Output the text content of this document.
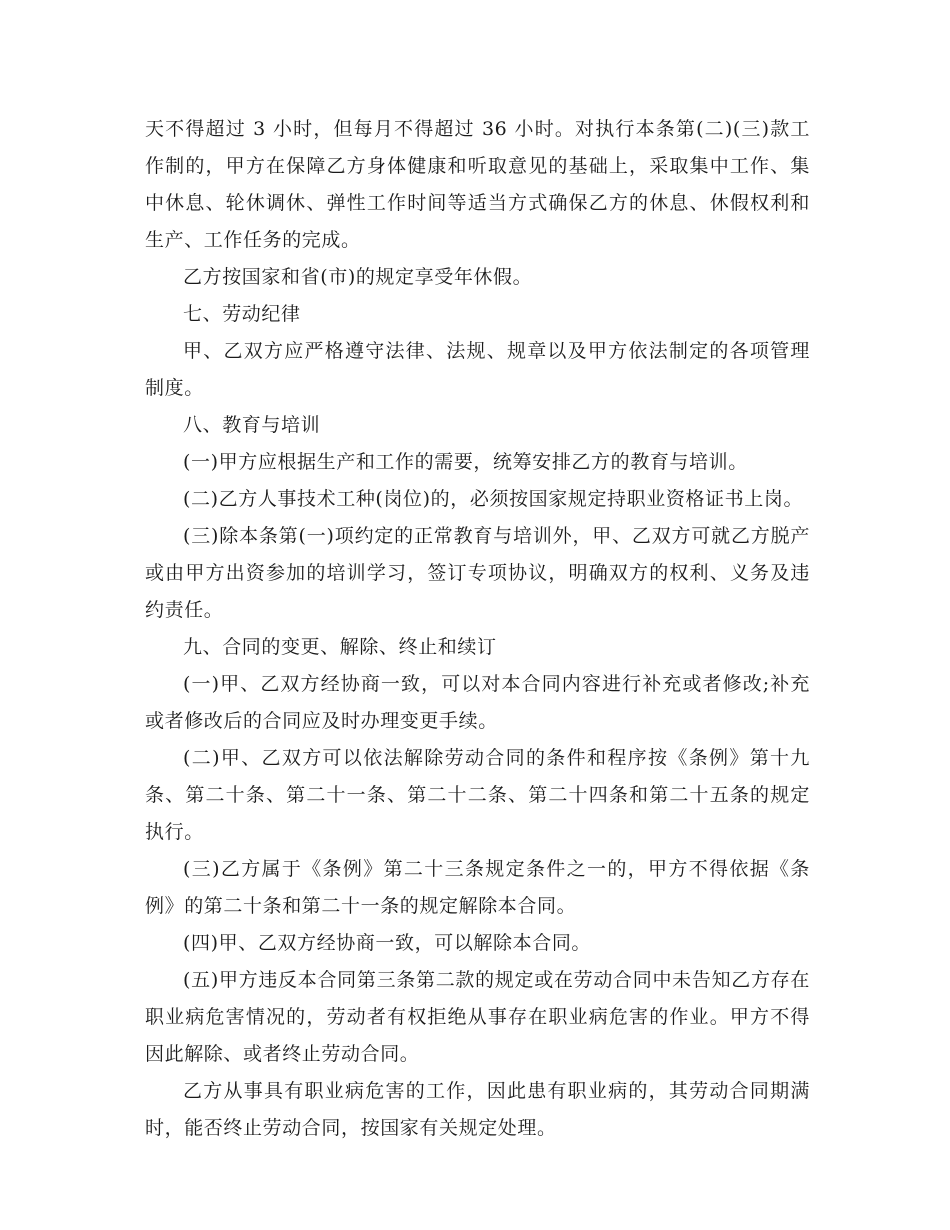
天不得超过 3 小时，但每月不得超过 36 小时。对执行本条第(二)(三)款工作制的，甲方在保障乙方身体健康和听取意见的基础上，采取集中工作、集中休息、轮休调休、弹性工作时间等适当方式确保乙方的休息、休假权利和生产、工作任务的完成。

乙方按国家和省(市)的规定享受年休假。

七、劳动纪律

甲、乙双方应严格遵守法律、法规、规章以及甲方依法制定的各项管理制度。

八、教育与培训

(一)甲方应根据生产和工作的需要，统筹安排乙方的教育与培训。

(二)乙方人事技术工种(岗位)的，必须按国家规定持职业资格证书上岗。

(三)除本条第(一)项约定的正常教育与培训外，甲、乙双方可就乙方脱产或由甲方出资参加的培训学习，签订专项协议，明确双方的权利、义务及违约责任。

九、合同的变更、解除、终止和续订

(一)甲、乙双方经协商一致，可以对本合同内容进行补充或者修改;补充或者修改后的合同应及时办理变更手续。

(二)甲、乙双方可以依法解除劳动合同的条件和程序按《条例》第十九条、第二十条、第二十一条、第二十二条、第二十四条和第二十五条的规定执行。

(三)乙方属于《条例》第二十三条规定条件之一的，甲方不得依据《条例》的第二十条和第二十一条的规定解除本合同。

(四)甲、乙双方经协商一致，可以解除本合同。

(五)甲方违反本合同第三条第二款的规定或在劳动合同中未告知乙方存在职业病危害情况的，劳动者有权拒绝从事存在职业病危害的作业。甲方不得因此解除、或者终止劳动合同。

乙方从事具有职业病危害的工作，因此患有职业病的，其劳动合同期满时，能否终止劳动合同，按国家有关规定处理。
